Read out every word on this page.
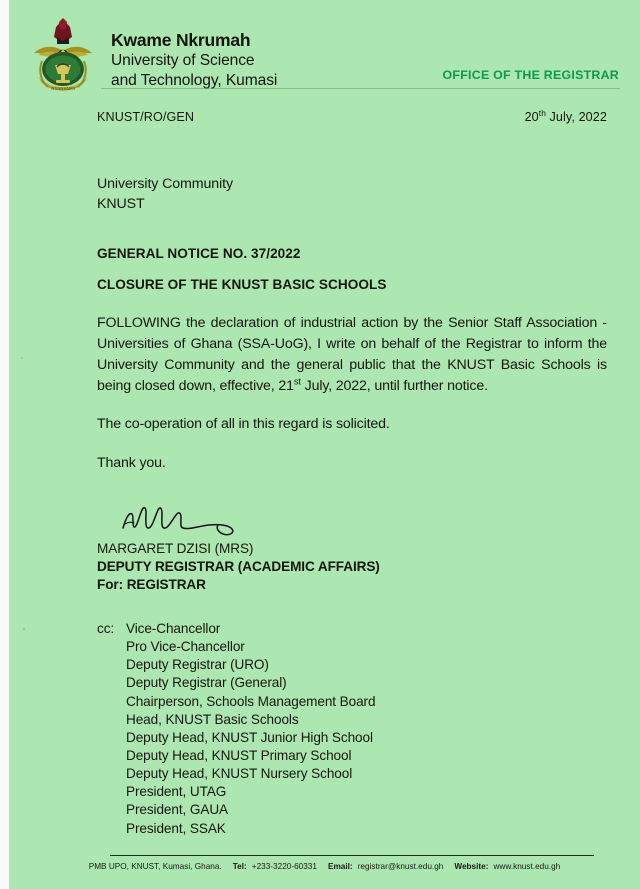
NYANSAPO
Kwame Nkrumah
University of Science
and Technology, Kumasi	OFFICE OF THE REGISTRAR
KNUST/RO/GEN	20th July, 2022
University Community
KNUST
GENERAL NOTICE NO. 37/2022
CLOSURE OF THE KNUST BASIC SCHOOLS
FOLLOWING the declaration of industrial action by the Senior Staff Association - Universities of Ghana (SSA-UoG), I write on behalf of the Registrar to inform the University Community and the general public that the KNUST Basic Schools is being closed down, effective, 21st July, 2022, until further notice.
The co-operation of all in this regard is solicited.
Thank you.
MARGARET DZISI (MRS)
DEPUTY REGISTRAR (ACADEMIC AFFAIRS)
For: REGISTRAR
cc: Vice-Chancellor
Pro Vice-Chancellor
Deputy Registrar (URO)
Deputy Registrar (General)
Chairperson, Schools Management Board
Head, KNUST Basic Schools
Deputy Head, KNUST Junior High School
Deputy Head, KNUST Primary School
Deputy Head, KNUST Nursery School
President, UTAG
President, GAUA
President, SSAK
PMB UPO, KNUST, Kumasi, Ghana. Tel: +233-3220-60331 Email: registrar@knust.edu.gh Website: www.knust.edu.gh
